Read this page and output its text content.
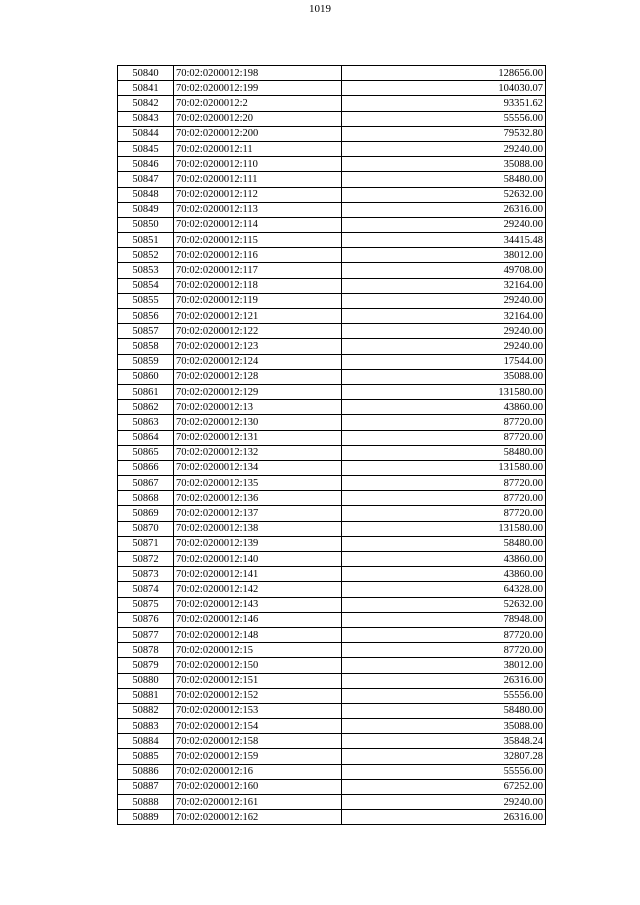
1019
50840	70:02:0200012:198	128656.00
50841	70:02:0200012:199	104030.07
50842	70:02:0200012:2	93351.62
50843	70:02:0200012:20	55556.00
50844	70:02:0200012:200	79532.80
50845	70:02:0200012:11	29240.00
50846	70:02:0200012:110	35088.00
50847	70:02:0200012:111	58480.00
50848	70:02:0200012:112	52632.00
50849	70:02:0200012:113	26316.00
50850	70:02:0200012:114	29240.00
50851	70:02:0200012:115	34415.48
50852	70:02:0200012:116	38012.00
50853	70:02:0200012:117	49708.00
50854	70:02:0200012:118	32164.00
50855	70:02:0200012:119	29240.00
50856	70:02:0200012:121	32164.00
50857	70:02:0200012:122	29240.00
50858	70:02:0200012:123	29240.00
50859	70:02:0200012:124	17544.00
50860	70:02:0200012:128	35088.00
50861	70:02:0200012:129	131580.00
50862	70:02:0200012:13	43860.00
50863	70:02:0200012:130	87720.00
50864	70:02:0200012:131	87720.00
50865	70:02:0200012:132	58480.00
50866	70:02:0200012:134	131580.00
50867	70:02:0200012:135	87720.00
50868	70:02:0200012:136	87720.00
50869	70:02:0200012:137	87720.00
50870	70:02:0200012:138	131580.00
50871	70:02:0200012:139	58480.00
50872	70:02:0200012:140	43860.00
50873	70:02:0200012:141	43860.00
50874	70:02:0200012:142	64328.00
50875	70:02:0200012:143	52632.00
50876	70:02:0200012:146	78948.00
50877	70:02:0200012:148	87720.00
50878	70:02:0200012:15	87720.00
50879	70:02:0200012:150	38012.00
50880	70:02:0200012:151	26316.00
50881	70:02:0200012:152	55556.00
50882	70:02:0200012:153	58480.00
50883	70:02:0200012:154	35088.00
50884	70:02:0200012:158	35848.24
50885	70:02:0200012:159	32807.28
50886	70:02:0200012:16	55556.00
50887	70:02:0200012:160	67252.00
50888	70:02:0200012:161	29240.00
50889	70:02:0200012:162	26316.00
